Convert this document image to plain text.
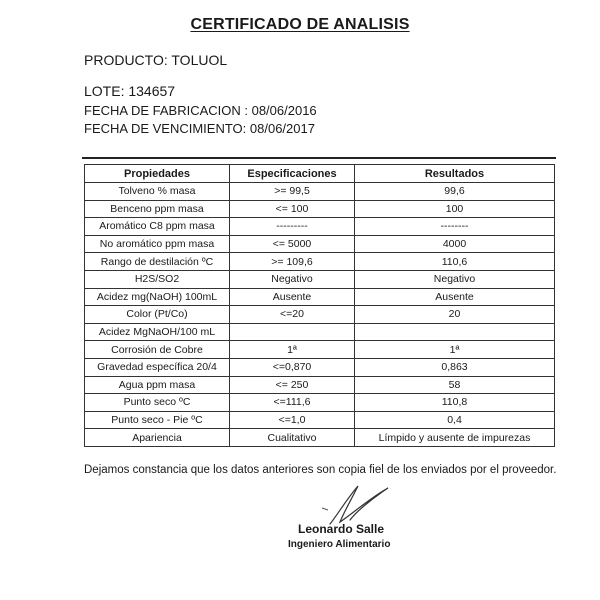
CERTIFICADO DE ANALISIS
PRODUCTO: TOLUOL
LOTE: 134657
FECHA DE FABRICACION : 08/06/2016
FECHA DE VENCIMIENTO: 08/06/2017
Propiedades	Especificaciones	Resultados
Tolveno % masa	>= 99,5	99,6
Benceno ppm masa	<= 100	100
Aromático C8 ppm masa	---------	--------
No aromático ppm masa	<= 5000	4000
Rango de destilación ºC	>= 109,6	110,6
H2S/SO2	Negativo	Negativo
Acidez mg(NaOH) 100mL	Ausente	Ausente
Color (Pt/Co)	<=20	20
Acidez MgNaOH/100 mL		
Corrosión de Cobre	1ª	1ª
Gravedad específica 20/4	<=0,870	0,863
Agua ppm masa	<= 250	58
Punto seco ºC	<=111,6	110,8
Punto seco - Pie ºC	<=1,0	0,4
Apariencia	Cualitativo	Límpido y ausente de impurezas
Dejamos constancia que los datos anteriores son copia fiel de los enviados por el proveedor.
Leonardo Salle
Ingeniero Alimentario
